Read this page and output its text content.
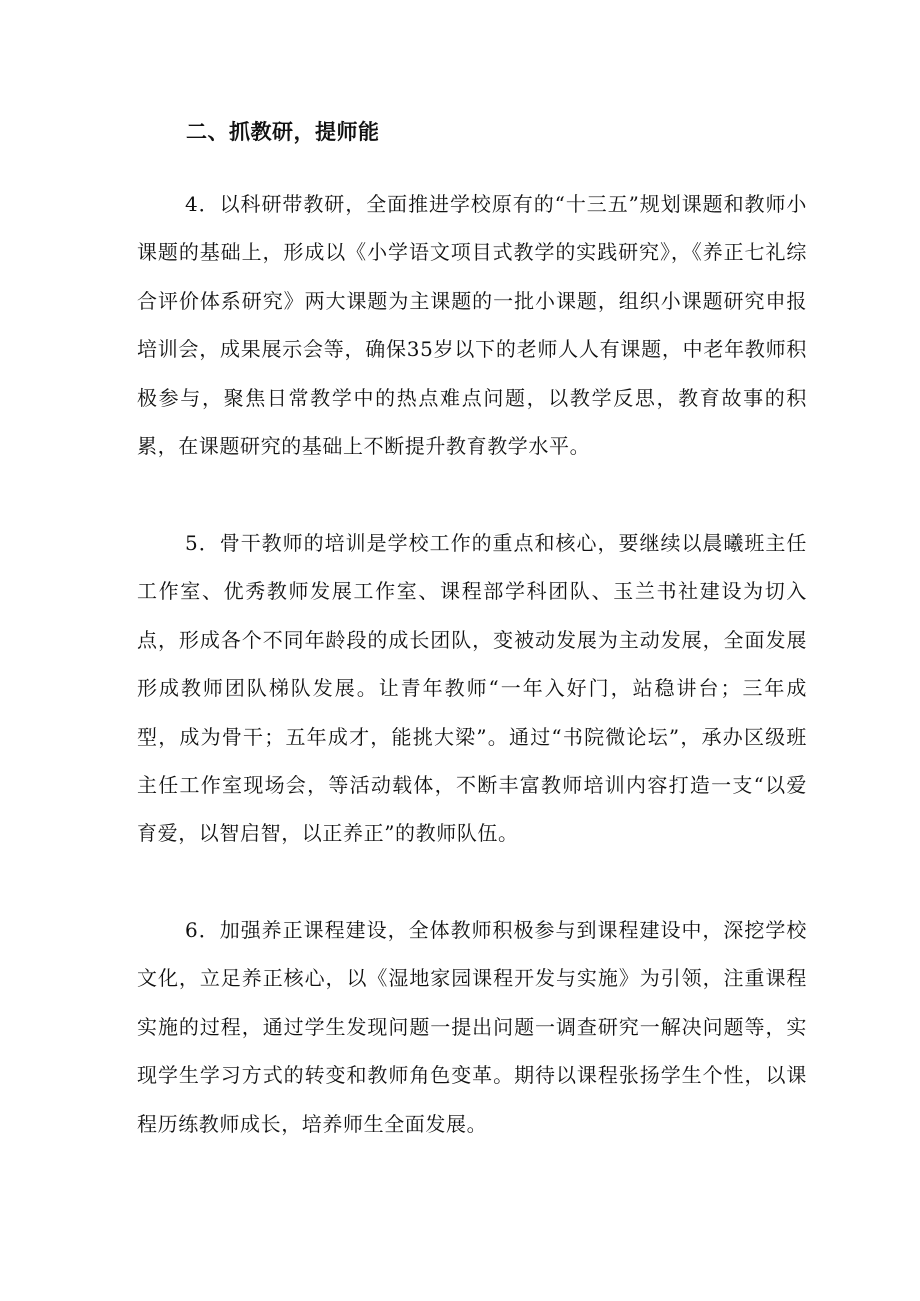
二、抓教研，提师能

4．以科研带教研，全面推进学校原有的“十三五”规划课题和教师小课题的基础上，形成以《小学语文项目式教学的实践研究》，《养正七礼综合评价体系研究》两大课题为主课题的一批小课题，组织小课题研究申报培训会，成果展示会等，确保35岁以下的老师人人有课题，中老年教师积极参与，聚焦日常教学中的热点难点问题，以教学反思，教育故事的积累，在课题研究的基础上不断提升教育教学水平。

5．骨干教师的培训是学校工作的重点和核心，要继续以晨曦班主任工作室、优秀教师发展工作室、课程部学科团队、玉兰书社建设为切入点，形成各个不同年龄段的成长团队，变被动发展为主动发展，全面发展形成教师团队梯队发展。让青年教师“一年入好门，站稳讲台；三年成型，成为骨干；五年成才，能挑大梁”。通过“书院微论坛”，承办区级班主任工作室现场会，等活动载体，不断丰富教师培训内容打造一支“以爱育爱，以智启智，以正养正”的教师队伍。

6．加强养正课程建设，全体教师积极参与到课程建设中，深挖学校文化，立足养正核心，以《湿地家园课程开发与实施》为引领，注重课程实施的过程，通过学生发现问题一提出问题一调查研究一解决问题等，实现学生学习方式的转变和教师角色变革。期待以课程张扬学生个性，以课程历练教师成长，培养师生全面发展。
